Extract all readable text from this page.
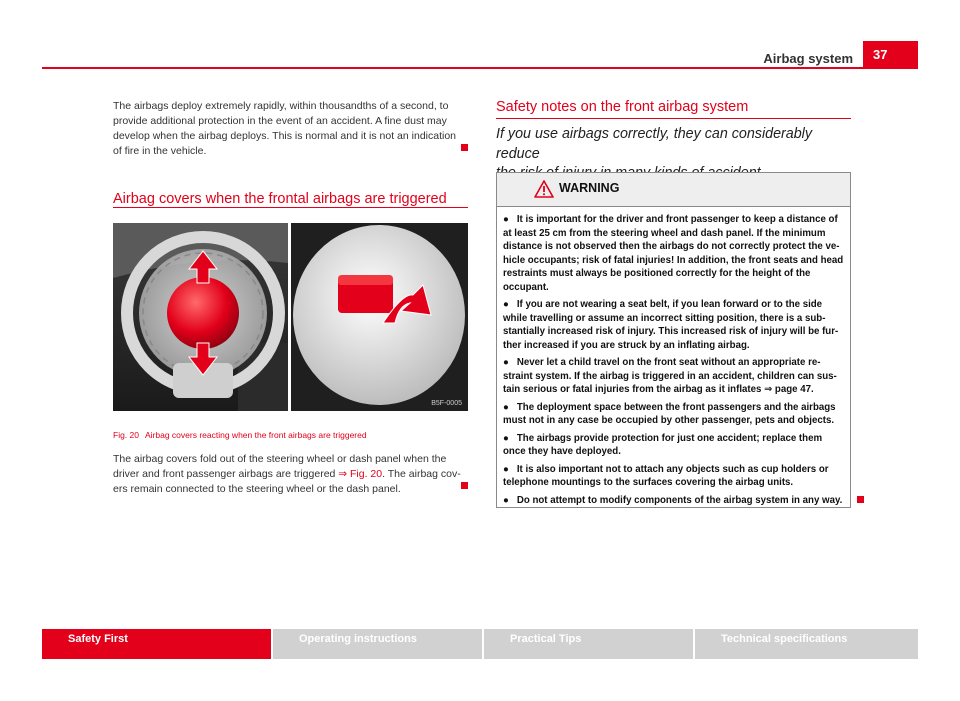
Airbag system	37

The airbags deploy extremely rapidly, within thousandths of a second, to
provide additional protection in the event of an accident. A fine dust may
develop when the airbag deploys. This is normal and it is not an indication
of fire in the vehicle.

Airbag covers when the frontal airbags are triggered
B5F-0005
Fig. 20 Airbag covers reacting when the front airbags are triggered

The airbag covers fold out of the steering wheel or dash panel when the
driver and front passenger airbags are triggered ⇒ Fig. 20. The airbag cov-
ers remain connected to the steering wheel or the dash panel.

Safety notes on the front airbag system

If you use airbags correctly, they can considerably reduce

WARNING
● It is important for the driver and front passenger to keep a distance of at least 25 cm from the steering wheel and dash panel. If the minimum distance is not observed then the airbags do not correctly protect the ve-hicle occupants; risk of fatal injuries! In addition, the front seats and head restraints must always be positioned correctly for the height of the occupant.
● If you are not wearing a seat belt, if you lean forward or to the side while travelling or assume an incorrect sitting position, there is a sub-stantially increased risk of injury. This increased risk of injury will be fur-ther increased if you are struck by an inflating airbag.
● Never let a child travel on the front seat without an appropriate re-straint system. If the airbag is triggered in an accident, children can sus-tain serious or fatal injuries from the airbag as it inflates ⇒ page 47.
● The deployment space between the front passengers and the airbags must not in any case be occupied by other passenger, pets and objects.
● The airbags provide protection for just one accident; replace them once they have deployed.
● It is also important not to attach any objects such as cup holders or telephone mountings to the surfaces covering the airbag units.
● Do not attempt to modify components of the airbag system in any way.
Safety First	Operating instructions	Practical Tips	Technical specifications
